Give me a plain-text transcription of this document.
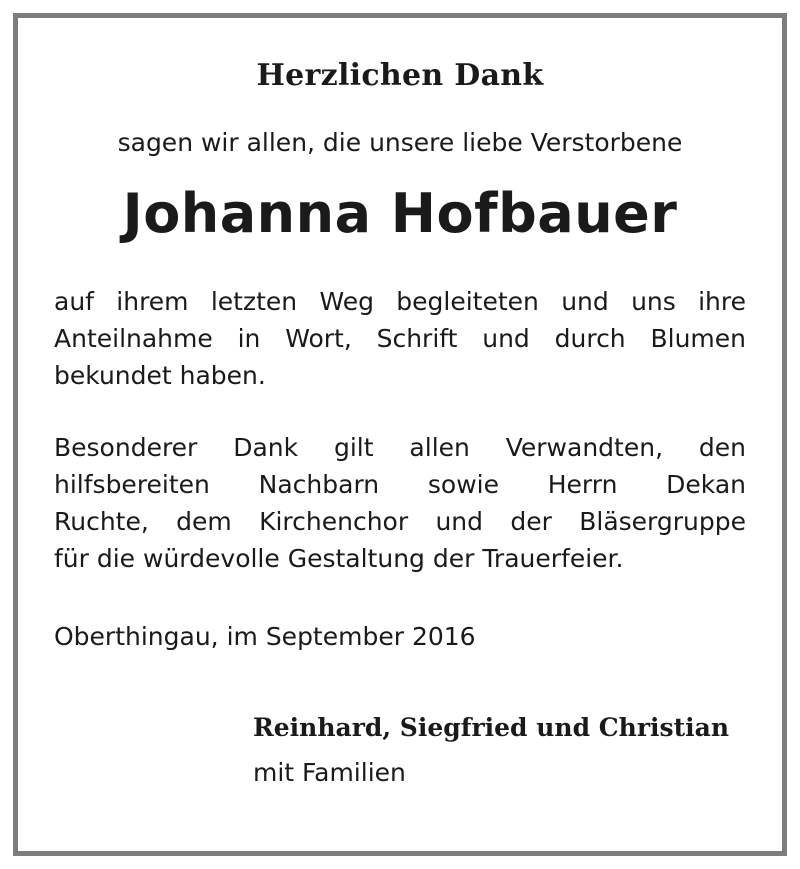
Herzlichen Dank

sagen wir allen, die unsere liebe Verstorbene

Johanna Hofbauer
auf ihrem letzten Weg begleiteten und uns ihre
Anteilnahme in Wort, Schrift und durch Blumen
bekundet haben.
Besonderer Dank gilt allen Verwandten, den
hilfsbereiten Nachbarn sowie Herrn Dekan
Ruchte, dem Kirchenchor und der Bläsergruppe
für die würdevolle Gestaltung der Trauerfeier.

Oberthingau, im September 2016

Reinhard, Siegfried und Christian

mit Familien
